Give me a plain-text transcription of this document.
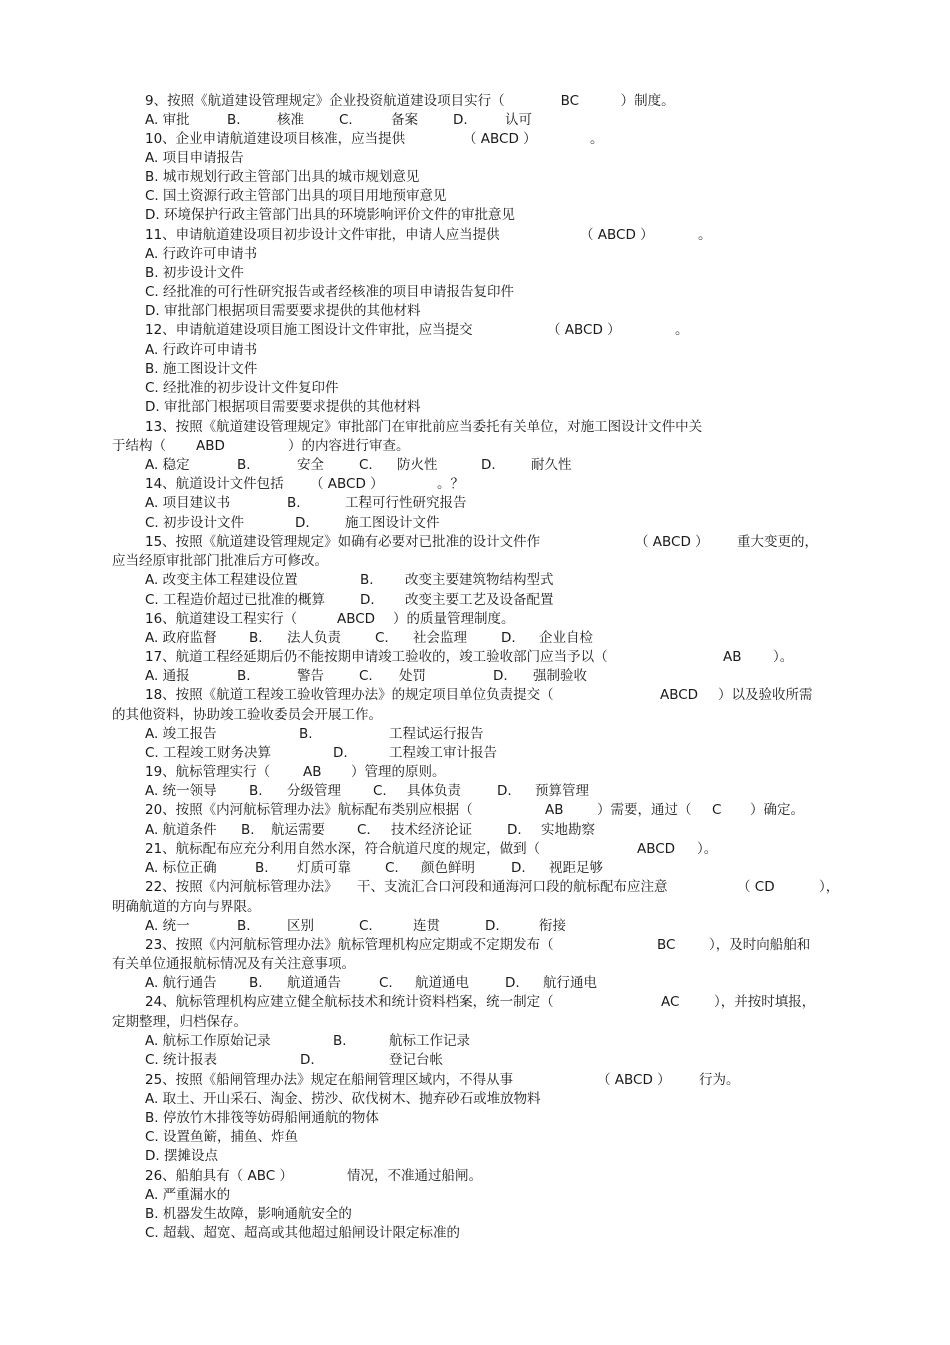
9、按照《航道建设管理规定》企业投资航道建设项目实行（	BC	）制度。
A. 审批	B.	核准	C.	备案	D.	认可
10、企业申请航道建设项目核准，应当提供	（ ABCD ）	。
A. 项目申请报告
B. 城市规划行政主管部门出具的城市规划意见
C. 国土资源行政主管部门出具的项目用地预审意见
D. 环境保护行政主管部门出具的环境影响评价文件的审批意见
11、申请航道建设项目初步设计文件审批，申请人应当提供	（ ABCD ）	。
A. 行政许可申请书
B. 初步设计文件
C. 经批准的可行性研究报告或者经核准的项目申请报告复印件
D. 审批部门根据项目需要要求提供的其他材料
12、申请航道建设项目施工图设计文件审批，应当提交	（ ABCD ）	。
A. 行政许可申请书
B. 施工图设计文件
C. 经批准的初步设计文件复印件
D. 审批部门根据项目需要要求提供的其他材料
13、按照《航道建设管理规定》审批部门在审批前应当委托有关单位，对施工图设计文件中关
于结构（ ABD	）的内容进行审查。
A. 稳定	B.	安全	C. 防火性	D.	耐久性
14、航道设计文件包括 （ ABCD ）	。？
A. 项目建议书	B.	工程可行性研究报告
C. 初步设计文件	D.	施工图设计文件
15、按照《航道建设管理规定》如确有必要对已批准的设计文件作	（ ABCD ） 重大变更的，
应当经原审批部门批准后方可修改。
A. 改变主体工程建设位置	B. 改变主要建筑物结构型式
C. 工程造价超过已批准的概算	D. 改变主要工艺及设备配置
16、航道建设工程实行（	ABCD ）的质量管理制度。
A. 政府监督 B. 法人负责	C. 社会监理	D. 企业自检
17、航道工程经延期后仍不能按期申请竣工验收的，竣工验收部门应当予以（	AB ）。
A. 通报	B.	警告	C. 处罚	D. 强制验收
18、按照《航道工程竣工验收管理办法》的规定项目单位负责提交（	ABCD ）以及验收所需
的其他资料，协助竣工验收委员会开展工作。
A. 竣工报告	B.	工程试运行报告
C. 工程竣工财务决算	D.	工程竣工审计报告
19、航标管理实行（ AB ）管理的原则。
A. 统一领导 B. 分级管理 C. 具体负责	D. 预算管理
20、按照《内河航标管理办法》航标配布类别应根据（	AB ）需要，通过（ C ）确定。
A. 航道条件 B. 航运需要 C. 技术经济论证	D. 实地勘察
21、航标配布应充分利用自然水深，符合航道尺度的规定，做到（	ABCD ）。
A. 标位正确	B. 灯质可靠	C. 颜色鲜明	D. 视距足够
22、按照《内河航标管理办法》 干、支流汇合口河段和通海河口段的航标配布应注意	（ CD	），
明确航道的方向与界限。
A. 统一	B.	区别	C.	连贯	D.	衔接
23、按照《内河航标管理办法》航标管理机构应定期或不定期发布（	BC ），及时向船舶和
有关单位通报航标情况及有关注意事项。
A. 航行通告 B. 航道通告	C. 航道通电	D. 航行通电
24、航标管理机构应建立健全航标技术和统计资料档案，统一制定（	AC	），并按时填报，
定期整理，归档保存。
A. 航标工作原始记录	B.	航标工作记录
C. 统计报表	D.	登记台帐
25、按照《船闸管理办法》规定在船闸管理区域内，不得从事	（ ABCD ） 行为。
A. 取土、开山采石、淘金、捞沙、砍伐树木、抛弃砂石或堆放物料
B. 停放竹木排筏等妨碍船闸通航的物体
C. 设置鱼簖，捕鱼、炸鱼
D. 摆摊设点
26、船舶具有（ ABC ）	情况，不准通过船闸。
A. 严重漏水的
B. 机器发生故障，影响通航安全的
C. 超载、超宽、超高或其他超过船闸设计限定标准的
